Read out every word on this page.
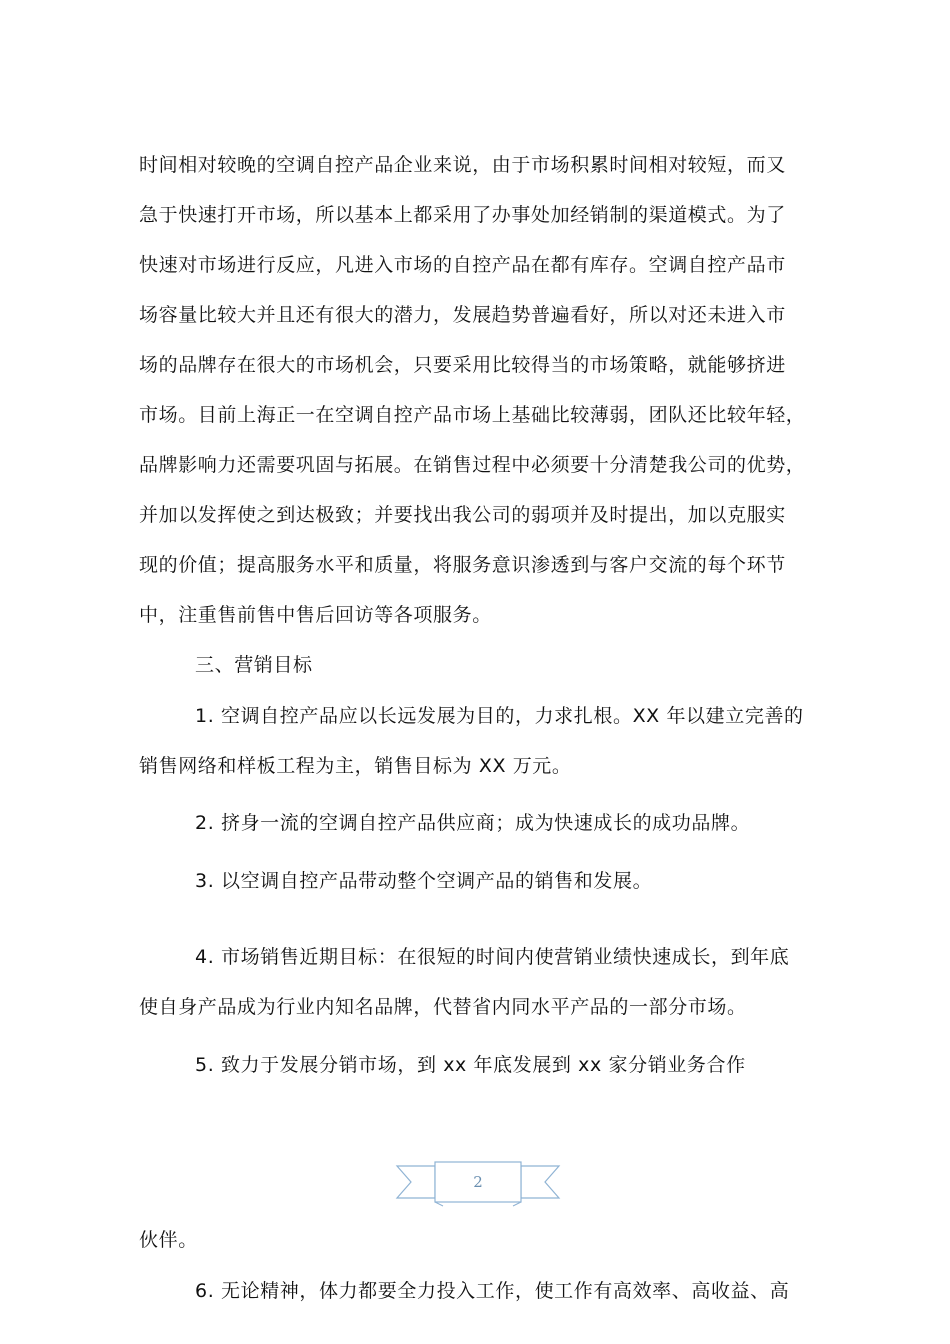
时间相对较晚的空调自控产品企业来说，由于市场积累时间相对较短，而又
急于快速打开市场，所以基本上都采用了办事处加经销制的渠道模式。为了
快速对市场进行反应，凡进入市场的自控产品在都有库存。空调自控产品市
场容量比较大并且还有很大的潜力，发展趋势普遍看好，所以对还未进入市
场的品牌存在很大的市场机会，只要采用比较得当的市场策略，就能够挤进
市场。目前上海正一在空调自控产品市场上基础比较薄弱，团队还比较年轻，
品牌影响力还需要巩固与拓展。在销售过程中必须要十分清楚我公司的优势，
并加以发挥使之到达极致；并要找出我公司的弱项并及时提出，加以克服实
现的价值；提高服务水平和质量，将服务意识渗透到与客户交流的每个环节
中，注重售前售中售后回访等各项服务。
三、营销目标
1. 空调自控产品应以长远发展为目的，力求扎根。XX 年以建立完善的
销售网络和样板工程为主，销售目标为 XX 万元。
2. 挤身一流的空调自控产品供应商；成为快速成长的成功品牌。
3. 以空调自控产品带动整个空调产品的销售和发展。
4. 市场销售近期目标：在很短的时间内使营销业绩快速成长，到年底
使自身产品成为行业内知名品牌，代替省内同水平产品的一部分市场。
5. 致力于发展分销市场，到 xx 年底发展到 xx 家分销业务合作
2
伙伴。
6. 无论精神，体力都要全力投入工作，使工作有高效率、高收益、高
